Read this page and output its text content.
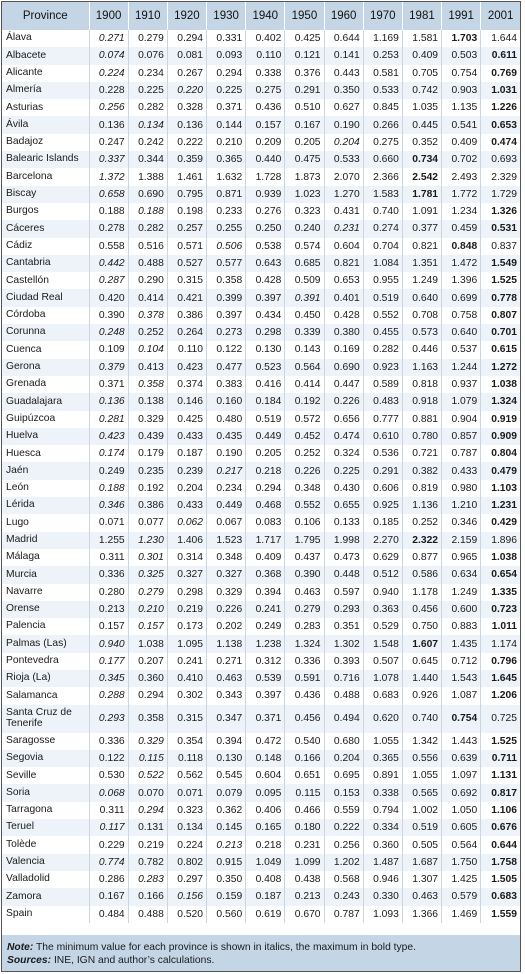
Province	1900	1910	1920	1930	1940	1950	1960	1970	1981	1991	2001
Álava	0.271	0.279	0.294	0.331	0.402	0.425	0.644	1.169	1.581	1.703	1.644
Albacete	0.074	0.076	0.081	0.093	0.110	0.121	0.141	0.253	0.409	0.503	0.611
Alicante	0.224	0.234	0.267	0.294	0.338	0.376	0.443	0.581	0.705	0.754	0.769
Almería	0.228	0.225	0.220	0.225	0.275	0.291	0.350	0.533	0.742	0.903	1.031
Asturias	0.256	0.282	0.328	0.371	0.436	0.510	0.627	0.845	1.035	1.135	1.226
Ávila	0.136	0.134	0.136	0.144	0.157	0.167	0.190	0.266	0.445	0.541	0.653
Badajoz	0.247	0.242	0.222	0.210	0.209	0.205	0.204	0.275	0.352	0.409	0.474
Balearic Islands	0.337	0.344	0.359	0.365	0.440	0.475	0.533	0.660	0.734	0.702	0.693
Barcelona	1.372	1.388	1.461	1.632	1.728	1.873	2.070	2.366	2.542	2.493	2.329
Biscay	0.658	0.690	0.795	0.871	0.939	1.023	1.270	1.583	1.781	1.772	1.729
Burgos	0.188	0.188	0.198	0.233	0.276	0.323	0.431	0.740	1.091	1.234	1.326
Cáceres	0.278	0.282	0.257	0.255	0.250	0.240	0.231	0.274	0.377	0.459	0.531
Cádiz	0.558	0.516	0.571	0.506	0.538	0.574	0.604	0.704	0.821	0.848	0.837
Cantabria	0.442	0.488	0.527	0.577	0.643	0.685	0.821	1.084	1.351	1.472	1.549
Castellón	0.287	0.290	0.315	0.358	0.428	0.509	0.653	0.955	1.249	1.396	1.525
Ciudad Real	0.420	0.414	0.421	0.399	0.397	0.391	0.401	0.519	0.640	0.699	0.778
Córdoba	0.390	0.378	0.386	0.397	0.434	0.450	0.428	0.552	0.708	0.758	0.807
Corunna	0.248	0.252	0.264	0.273	0.298	0.339	0.380	0.455	0.573	0.640	0.701
Cuenca	0.109	0.104	0.110	0.122	0.130	0.143	0.169	0.282	0.446	0.537	0.615
Gerona	0.379	0.413	0.423	0.477	0.523	0.564	0.690	0.923	1.163	1.244	1.272
Grenada	0.371	0.358	0.374	0.383	0.416	0.414	0.447	0.589	0.818	0.937	1.038
Guadalajara	0.136	0.138	0.146	0.160	0.184	0.192	0.226	0.483	0.918	1.079	1.324
Guipúzcoa	0.281	0.329	0.425	0.480	0.519	0.572	0.656	0.777	0.881	0.904	0.919
Huelva	0.423	0.439	0.433	0.435	0.449	0.452	0.474	0.610	0.780	0.857	0.909
Huesca	0.174	0.179	0.187	0.190	0.205	0.252	0.324	0.536	0.721	0.787	0.804
Jaén	0.249	0.235	0.239	0.217	0.218	0.226	0.225	0.291	0.382	0.433	0.479
León	0.188	0.192	0.204	0.234	0.294	0.348	0.430	0.606	0.819	0.980	1.103
Lérida	0.346	0.386	0.433	0.449	0.468	0.552	0.655	0.925	1.136	1.210	1.231
Lugo	0.071	0.077	0.062	0.067	0.083	0.106	0.133	0.185	0.252	0.346	0.429
Madrid	1.255	1.230	1.406	1.523	1.717	1.795	1.998	2.270	2.322	2.159	1.896
Málaga	0.311	0.301	0.314	0.348	0.409	0.437	0.473	0.629	0.877	0.965	1.038
Murcia	0.336	0.325	0.327	0.327	0.368	0.390	0.448	0.512	0.586	0.634	0.654
Navarre	0.280	0.279	0.298	0.329	0.394	0.463	0.597	0.940	1.178	1.249	1.335
Orense	0.213	0.210	0.219	0.226	0.241	0.279	0.293	0.363	0.456	0.600	0.723
Palencia	0.157	0.157	0.173	0.202	0.249	0.283	0.351	0.529	0.750	0.883	1.011
Palmas (Las)	0.940	1.038	1.095	1.138	1.238	1.324	1.302	1.548	1.607	1.435	1.174
Pontevedra	0.177	0.207	0.241	0.271	0.312	0.336	0.393	0.507	0.645	0.712	0.796
Rioja (La)	0.345	0.360	0.410	0.463	0.539	0.591	0.716	1.078	1.440	1.543	1.645
Salamanca	0.288	0.294	0.302	0.343	0.397	0.436	0.488	0.683	0.926	1.087	1.206
Santa Cruz de Tenerife	0.293	0.358	0.315	0.347	0.371	0.456	0.494	0.620	0.740	0.754	0.725
Saragosse	0.336	0.329	0.354	0.394	0.472	0.540	0.680	1.055	1.342	1.443	1.525
Segovia	0.122	0.115	0.118	0.130	0.148	0.166	0.204	0.365	0.556	0.639	0.711
Seville	0.530	0.522	0.562	0.545	0.604	0.651	0.695	0.891	1.055	1.097	1.131
Soria	0.068	0.070	0.071	0.079	0.095	0.115	0.153	0.338	0.565	0.692	0.817
Tarragona	0.311	0.294	0.323	0.362	0.406	0.466	0.559	0.794	1.002	1.050	1.106
Teruel	0.117	0.131	0.134	0.145	0.165	0.180	0.222	0.334	0.519	0.605	0.676
Tolède	0.229	0.219	0.224	0.213	0.218	0.231	0.256	0.360	0.505	0.564	0.644
Valencia	0.774	0.782	0.802	0.915	1.049	1.099	1.202	1.487	1.687	1.750	1.758
Valladolid	0.286	0.283	0.297	0.350	0.408	0.438	0.568	0.946	1.307	1.425	1.505
Zamora	0.167	0.166	0.156	0.159	0.187	0.213	0.243	0.330	0.463	0.579	0.683
Spain	0.484	0.488	0.520	0.560	0.619	0.670	0.787	1.093	1.366	1.469	1.559
Note: The minimum value for each province is shown in italics, the maximum in bold type.
Sources: INE, IGN and author’s calculations.
